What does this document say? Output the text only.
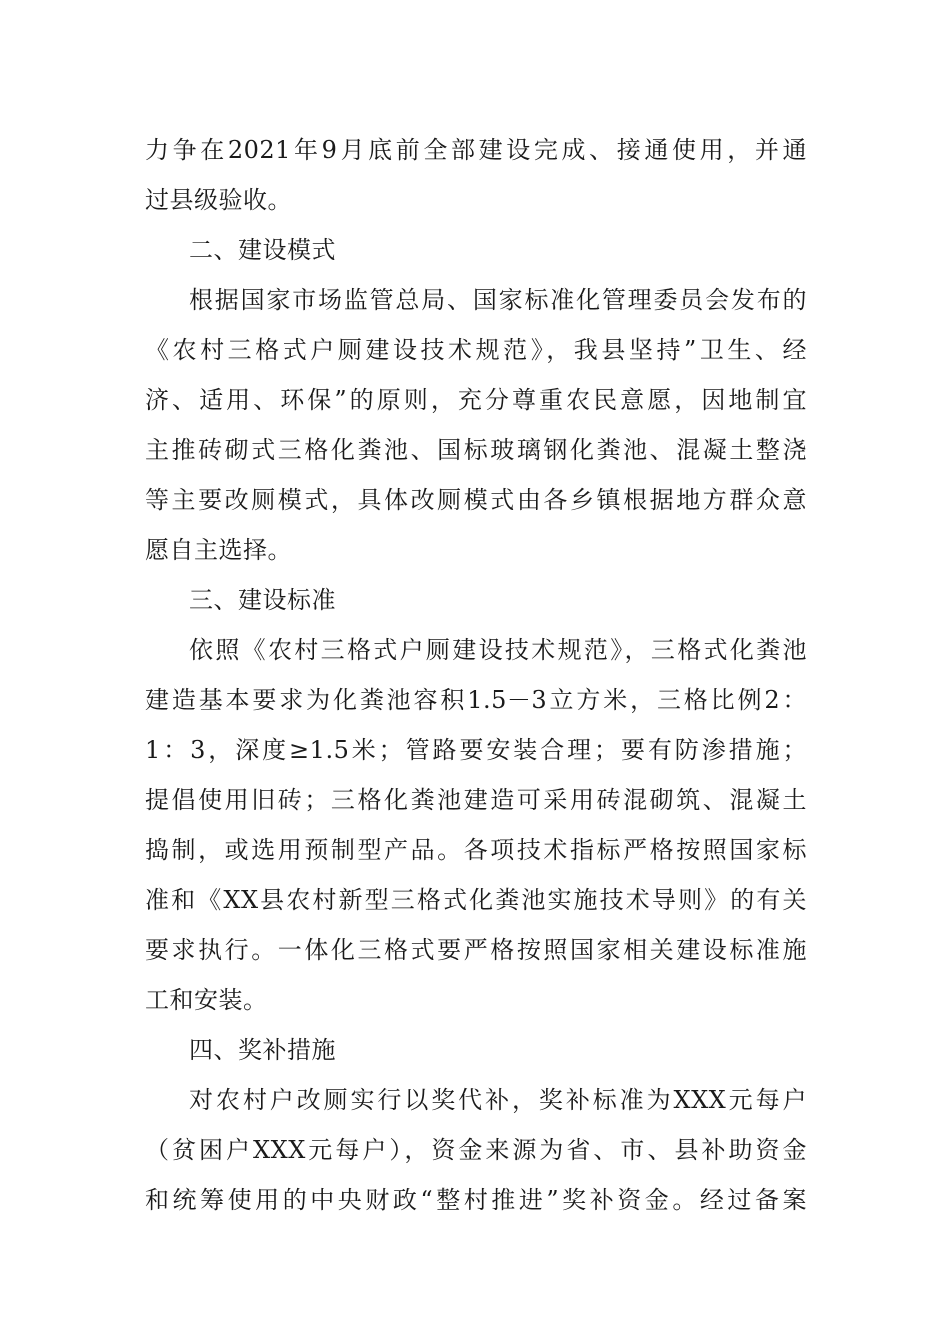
力争在2021年9月底前全部建设完成、接通使用，并通
过县级验收。
二、建设模式
根据国家市场监管总局、国家标准化管理委员会发布的
《农村三格式户厕建设技术规范》，我县坚持”卫生、经
济、适用、环保”的原则，充分尊重农民意愿，因地制宜
主推砖砌式三格化粪池、国标玻璃钢化粪池、混凝土整浇
等主要改厕模式，具体改厕模式由各乡镇根据地方群众意
愿自主选择。
三、建设标准
依照《农村三格式户厕建设技术规范》，三格式化粪池
建造基本要求为化粪池容积1.5－3立方米，三格比例2：
1：3，深度≥1.5米；管路要安装合理；要有防渗措施；
提倡使用旧砖；三格化粪池建造可采用砖混砌筑、混凝土
捣制，或选用预制型产品。各项技术指标严格按照国家标
准和《XX县农村新型三格式化粪池实施技术导则》的有关
要求执行。一体化三格式要严格按照国家相关建设标准施
工和安装。
四、奖补措施
对农村户改厕实行以奖代补，奖补标准为XXX元每户
（贫困户XXX元每户），资金来源为省、市、县补助资金
和统筹使用的中央财政“整村推进”奖补资金。经过备案
